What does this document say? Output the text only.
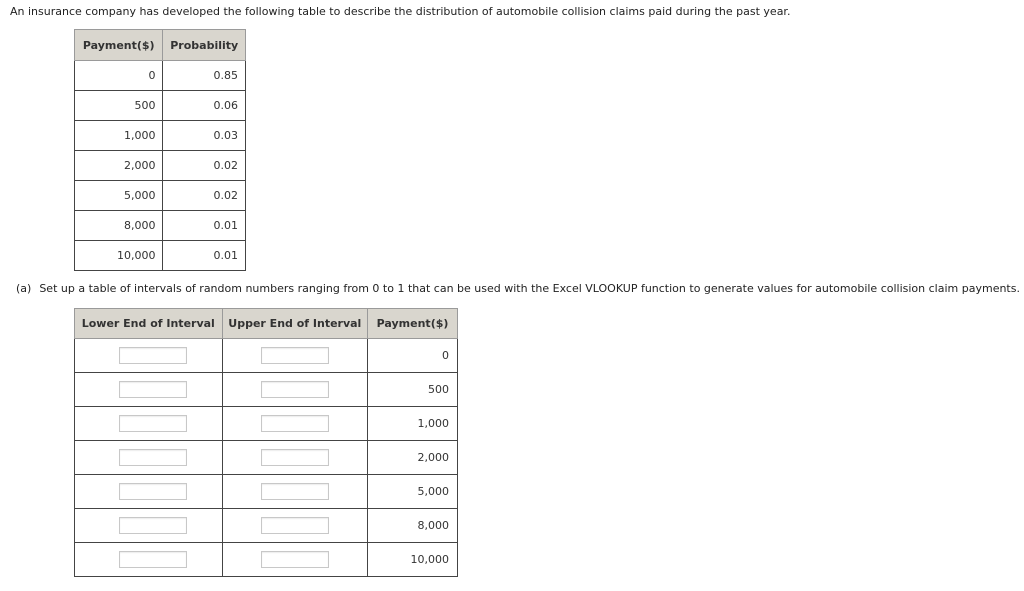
An insurance company has developed the following table to describe the distribution of automobile collision claims paid during the past year.
Payment($)	Probability
0	0.85
500	0.06
1,000	0.03
2,000	0.02
5,000	0.02
8,000	0.01
10,000	0.01
(a) Set up a table of intervals of random numbers ranging from 0 to 1 that can be used with the Excel VLOOKUP function to generate values for automobile collision claim payments.
Lower End of Interval	Upper End of Interval	Payment($)
		0
		500
		1,000
		2,000
		5,000
		8,000
		10,000
